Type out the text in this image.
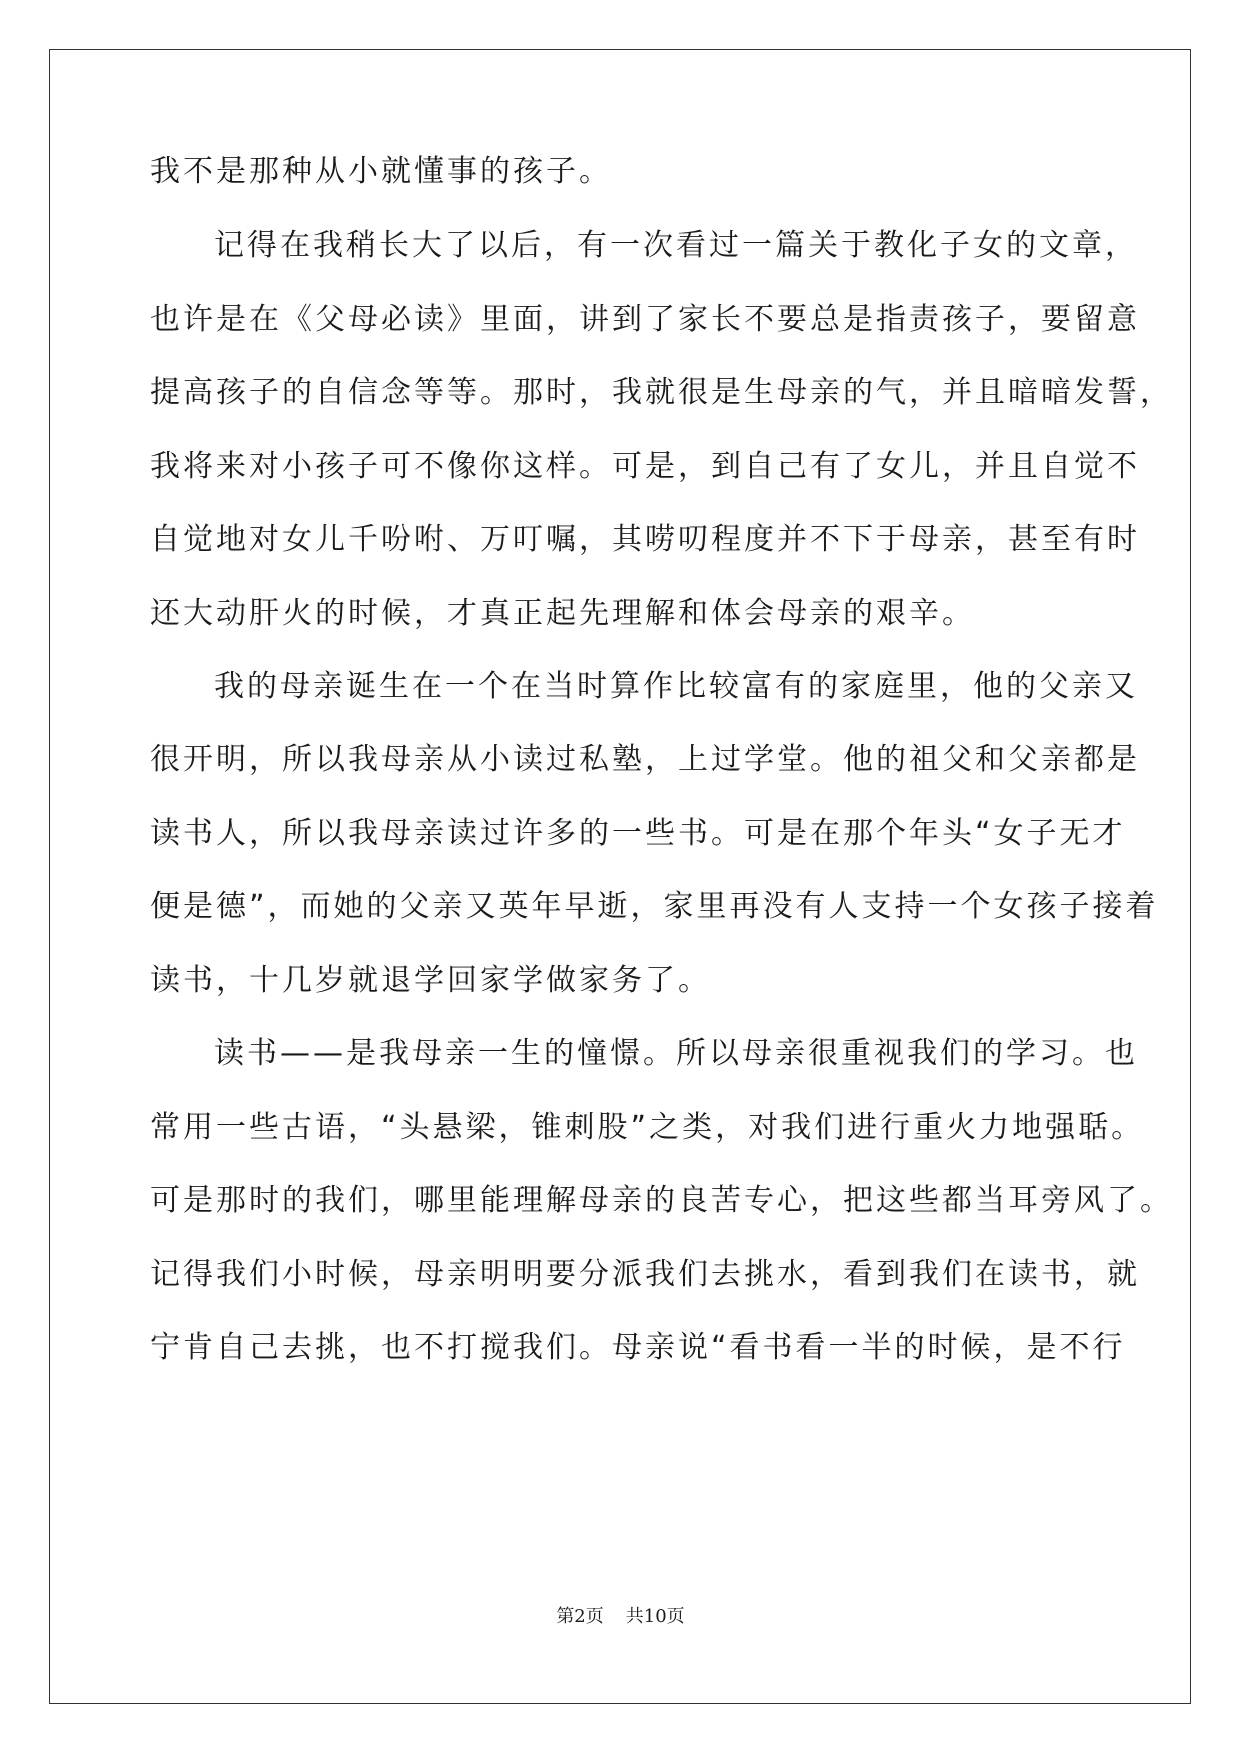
我不是那种从小就懂事的孩子。
记得在我稍长大了以后，有一次看过一篇关于教化子女的文章，
也许是在《父母必读》里面，讲到了家长不要总是指责孩子，要留意
提高孩子的自信念等等。那时，我就很是生母亲的气，并且暗暗发誓，
我将来对小孩子可不像你这样。可是，到自己有了女儿，并且自觉不
自觉地对女儿千吩咐、万叮嘱，其唠叨程度并不下于母亲，甚至有时
还大动肝火的时候，才真正起先理解和体会母亲的艰辛。
我的母亲诞生在一个在当时算作比较富有的家庭里，他的父亲又
很开明，所以我母亲从小读过私塾，上过学堂。他的祖父和父亲都是
读书人，所以我母亲读过许多的一些书。可是在那个年头“女子无才
便是德”，而她的父亲又英年早逝，家里再没有人支持一个女孩子接着
读书，十几岁就退学回家学做家务了。
读书——是我母亲一生的憧憬。所以母亲很重视我们的学习。也
常用一些古语，“头悬梁，锥刺股”之类，对我们进行重火力地强聒。
可是那时的我们，哪里能理解母亲的良苦专心，把这些都当耳旁风了。
记得我们小时候，母亲明明要分派我们去挑水，看到我们在读书，就
宁肯自己去挑，也不打搅我们。母亲说“看书看一半的时候，是不行
第2页 共10页
